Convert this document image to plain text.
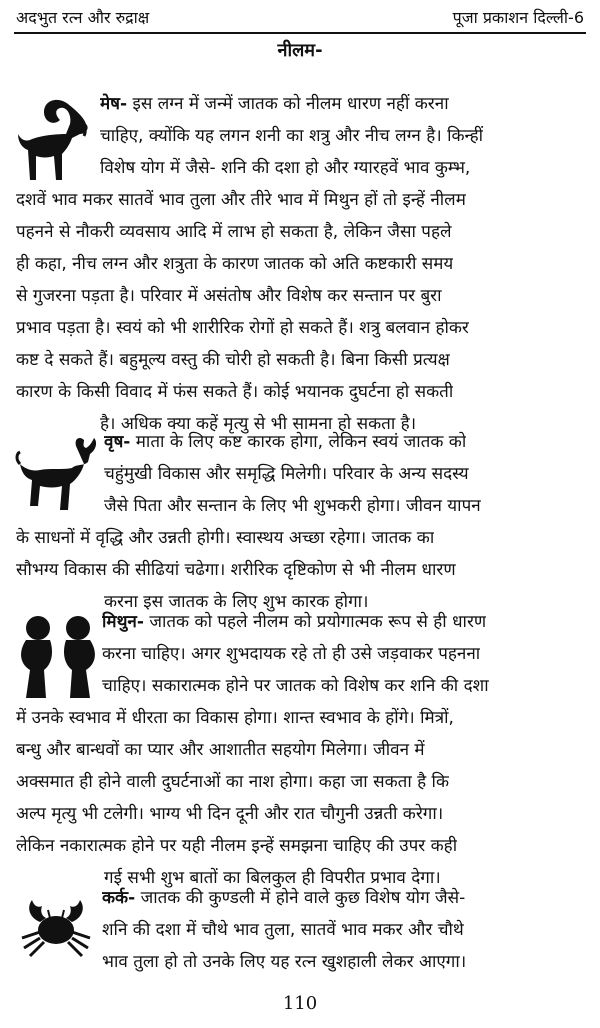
अदभुत रत्न और रुद्राक्ष	पूजा प्रकाशन दिल्ली-6
नीलम-
मेष- इस लग्न में जन्में जातक को नीलम धारण नहीं करना
चाहिए, क्योंकि यह लगन शनी का शत्रु और नीच लग्न है। किन्हीं
विशेष योग में जैसे- शनि की दशा हो और ग्यारहवें भाव कुम्भ,
दशवें भाव मकर सातवें भाव तुला और तीरे भाव में मिथुन हों तो इन्हें नीलम
पहनने से नौकरी व्यवसाय आदि में लाभ हो सकता है, लेकिन जैसा पहले
ही कहा, नीच लग्न और शत्रुता के कारण जातक को अति कष्टकारी समय
से गुजरना पड़ता है। परिवार में असंतोष और विशेष कर सन्तान पर बुरा
प्रभाव पड़ता है। स्वयं को भी शारीरिक रोगों हो सकते हैं। शत्रु बलवान होकर
कष्ट दे सकते हैं। बहुमूल्य वस्तु की चोरी हो सकती है। बिना किसी प्रत्यक्ष
कारण के किसी विवाद में फंस सकते हैं। कोई भयानक दुघर्टना हो सकती
है। अधिक क्या कहें मृत्यु से भी सामना हो सकता है।
वृष- माता के लिए कष्ट कारक होगा, लेकिन स्वयं जातक को
चहुंमुखी विकास और समृद्धि मिलेगी। परिवार के अन्य सदस्य
जैसे पिता और सन्तान के लिए भी शुभकरी होगा। जीवन यापन
के साधनों में वृद्धि और उन्नती होगी। स्वास्थय अच्छा रहेगा। जातक का
सौभग्य विकास की सीढियां चढेगा। शरीरिक दृष्टिकोण से भी नीलम धारण
करना इस जातक के लिए शुभ कारक होगा।
मिथुन- जातक को पहले नीलम को प्रयोगात्मक रूप से ही धारण
करना चाहिए। अगर शुभदायक रहे तो ही उसे जड़वाकर पहनना
चाहिए। सकारात्मक होने पर जातक को विशेष कर शनि की दशा
में उनके स्वभाव में धीरता का विकास होगा। शान्त स्वभाव के होंगे। मित्रों,
बन्धु और बान्धवों का प्यार और आशातीत सहयोग मिलेगा। जीवन में
अक्समात ही होने वाली दुघर्टनाओं का नाश होगा। कहा जा सकता है कि
अल्प मृत्यु भी टलेगी। भाग्य भी दिन दूनी और रात चौगुनी उन्नती करेगा।
लेकिन नकारात्मक होने पर यही नीलम इन्हें समझना चाहिए की उपर कही
गई सभी शुभ बातों का बिलकुल ही विपरीत प्रभाव देगा।
कर्क- जातक की कुण्डली में होने वाले कुछ विशेष योग जैसे-
शनि की दशा में चौथे भाव तुला, सातवें भाव मकर और चौथे
भाव तुला हो तो उनके लिए यह रत्न खुशहाली लेकर आएगा।
110
